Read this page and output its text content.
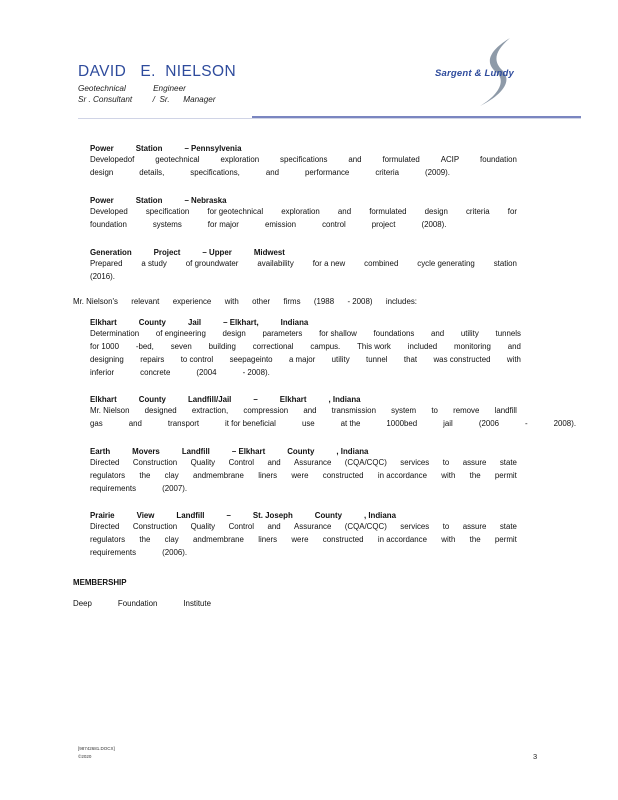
DAVID   E.  NIELSON
Geotechnical            Engineer
Sr . Consultant         /  Sr.      Manager
Sargent & Lundy
Power	Station	– Pennsylvenia
Developedof	geotechnical	exploration	specifications	and	formulated	ACIP	foundation
design	details,	specifications,	and	performance	criteria	(2009).
Power	Station	– Nebraska
Developed specification for geotechnical exploration and formulated design criteria for
foundation	systems	for major	emission	control	project	(2008).
Generation	Project	– Upper	Midwest
Prepared a study of groundwater availability for a new combined cycle generating station
(2016).
Mr. Nielson's relevant experience with other firms (1988 - 2008) includes:
Elkhart	County	Jail	– Elkhart,	Indiana
Determination of engineering design parameters for shallow foundations and utility tunnels
for 1000 -bed, seven building correctional campus. This work included monitoring and
designing repairs to control seepageinto a major utility tunnel that was constructed with
inferior	concrete	(2004	- 2008).
Elkhart	County	Landfill/Jail	–	Elkhart	, Indiana
Mr. Nielson designed extraction, compression and transmission system to remove landfill
gas	and	transport	it for beneficial	use	at the	1000bed	jail	(2006	-	2008).
Earth	Movers	Landfill	– Elkhart	County	, Indiana
Directed Construction Quality Control and Assurance (CQA/CQC) services to assure state
regulators the clay andmembrane liners were constructed in accordance with the permit
requirements	(2007).
Prairie	View	Landfill	–	St. Joseph	County	, Indiana
Directed Construction Quality Control and Assurance (CQA/CQC) services to assure state
regulators the clay andmembrane liners were constructed in accordance with the permit
requirements	(2006).
MEMBERSHIP
Deep	Foundation	Institute
[98742681.DOCX]
©2020	3
